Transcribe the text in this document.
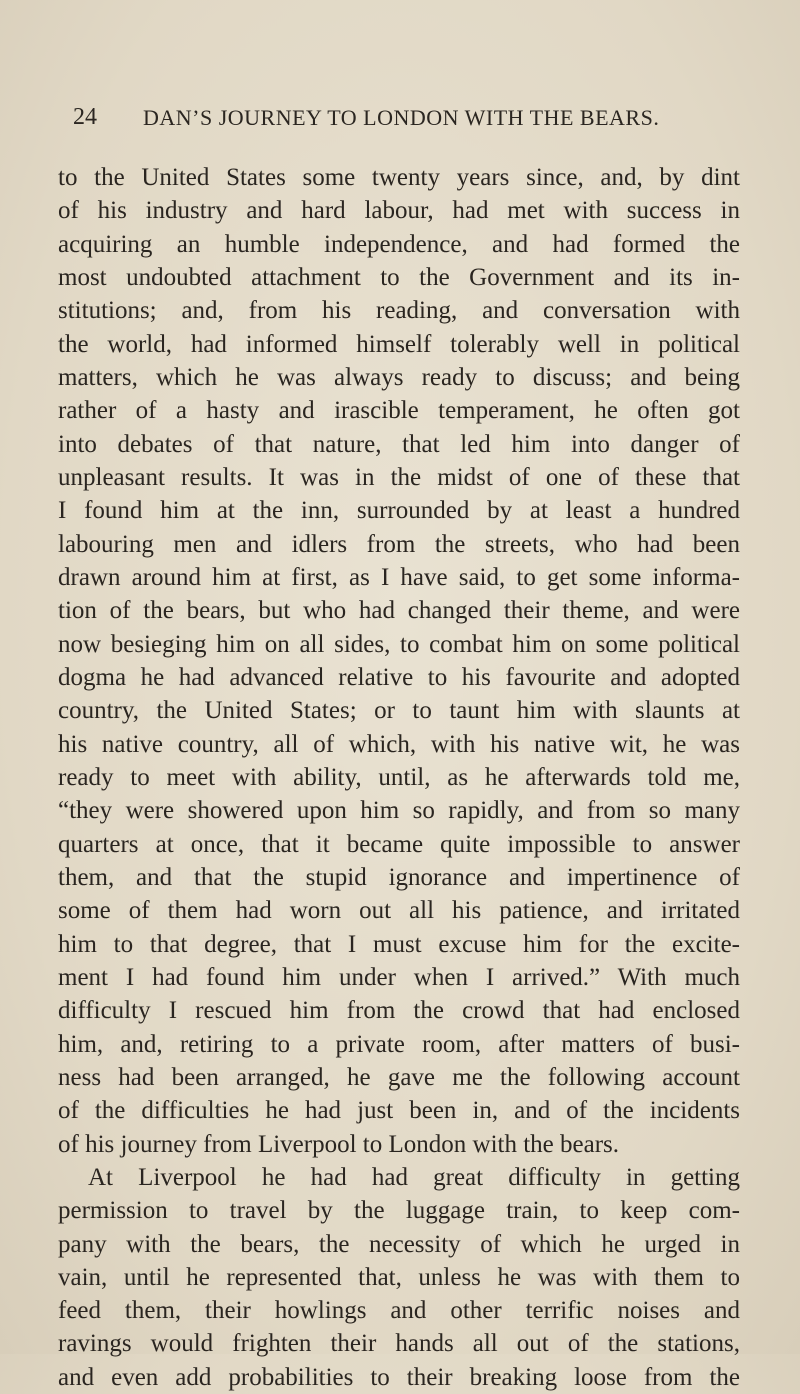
24 DAN’S JOURNEY TO LONDON WITH THE BEARS.
to the United States some twenty years since, and, by dint
of his industry and hard labour, had met with success in
acquiring an humble independence, and had formed the
most undoubted attachment to the Government and its in-
stitutions; and, from his reading, and conversation with
the world, had informed himself tolerably well in political
matters, which he was always ready to discuss; and being
rather of a hasty and irascible temperament, he often got
into debates of that nature, that led him into danger of
unpleasant results. It was in the midst of one of these that
I found him at the inn, surrounded by at least a hundred
labouring men and idlers from the streets, who had been
drawn around him at first, as I have said, to get some informa-
tion of the bears, but who had changed their theme, and were
now besieging him on all sides, to combat him on some political
dogma he had advanced relative to his favourite and adopted
country, the United States; or to taunt him with slaunts at
his native country, all of which, with his native wit, he was
ready to meet with ability, until, as he afterwards told me,
“they were showered upon him so rapidly, and from so many
quarters at once, that it became quite impossible to answer
them, and that the stupid ignorance and impertinence of
some of them had worn out all his patience, and irritated
him to that degree, that I must excuse him for the excite-
ment I had found him under when I arrived.” With much
difficulty I rescued him from the crowd that had enclosed
him, and, retiring to a private room, after matters of busi-
ness had been arranged, he gave me the following account
of the difficulties he had just been in, and of the incidents
of his journey from Liverpool to London with the bears.
At Liverpool he had had great difficulty in getting
permission to travel by the luggage train, to keep com-
pany with the bears, the necessity of which he urged in
vain, until he represented that, unless he was with them to
feed them, their howlings and other terrific noises and
ravings would frighten their hands all out of the stations,
and even add probabilities to their breaking loose from the
